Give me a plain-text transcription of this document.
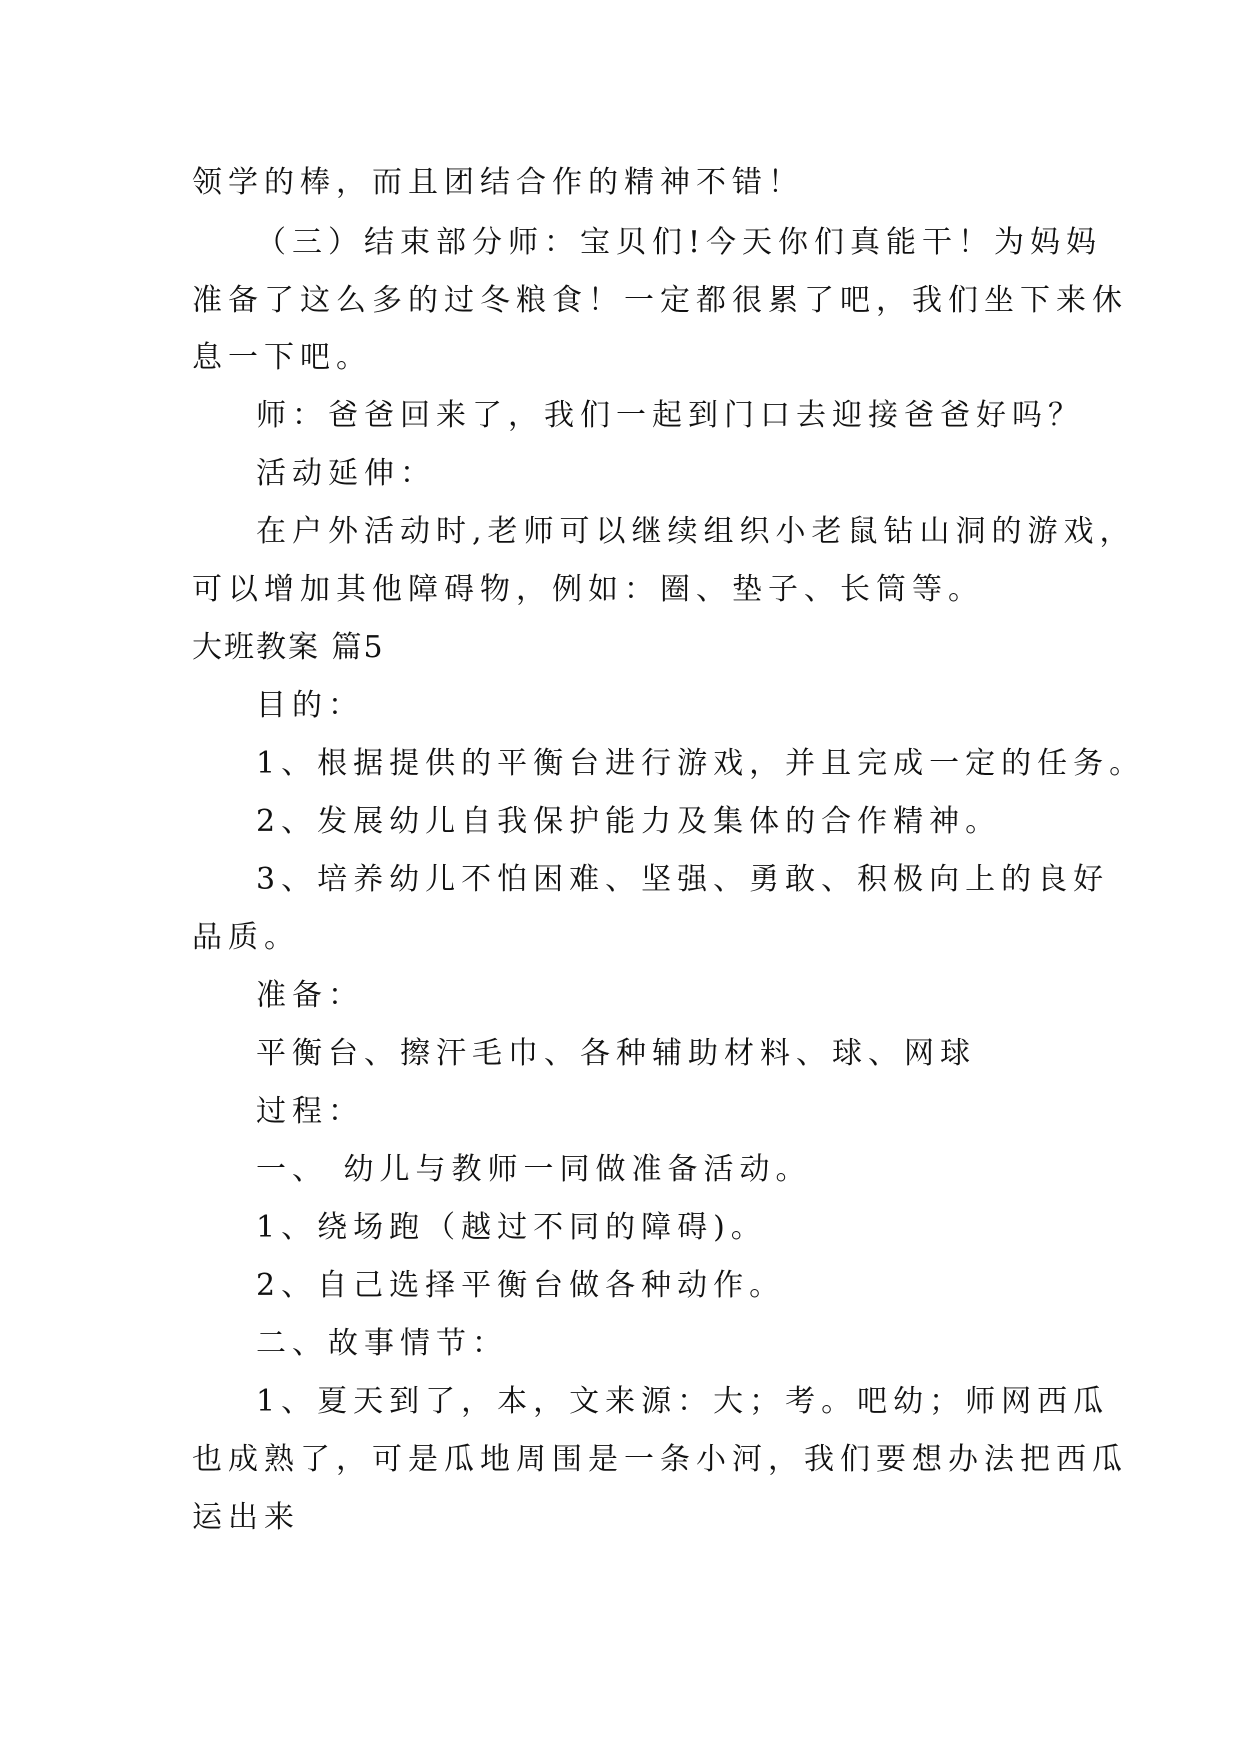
领学的棒，而且团结合作的精神不错！
（三）结束部分师：宝贝们!今天你们真能干！为妈妈
准备了这么多的过冬粮食！一定都很累了吧，我们坐下来休
息一下吧。
师：爸爸回来了，我们一起到门口去迎接爸爸好吗？
活动延伸：
在户外活动时,老师可以继续组织小老鼠钻山洞的游戏，
可以增加其他障碍物，例如：圈、垫子、长筒等。
大班教案 篇5
目的：
1、根据提供的平衡台进行游戏，并且完成一定的任务。
2、发展幼儿自我保护能力及集体的合作精神。
3、培养幼儿不怕困难、坚强、勇敢、积极向上的良好
品质。
准备：
平衡台、擦汗毛巾、各种辅助材料、球、网球
过程：
一、 幼儿与教师一同做准备活动。
1、绕场跑（越过不同的障碍)。
2、自己选择平衡台做各种动作。
二、故事情节：
1、夏天到了，本，文来源：大；考。吧幼；师网西瓜
也成熟了，可是瓜地周围是一条小河，我们要想办法把西瓜
运出来
